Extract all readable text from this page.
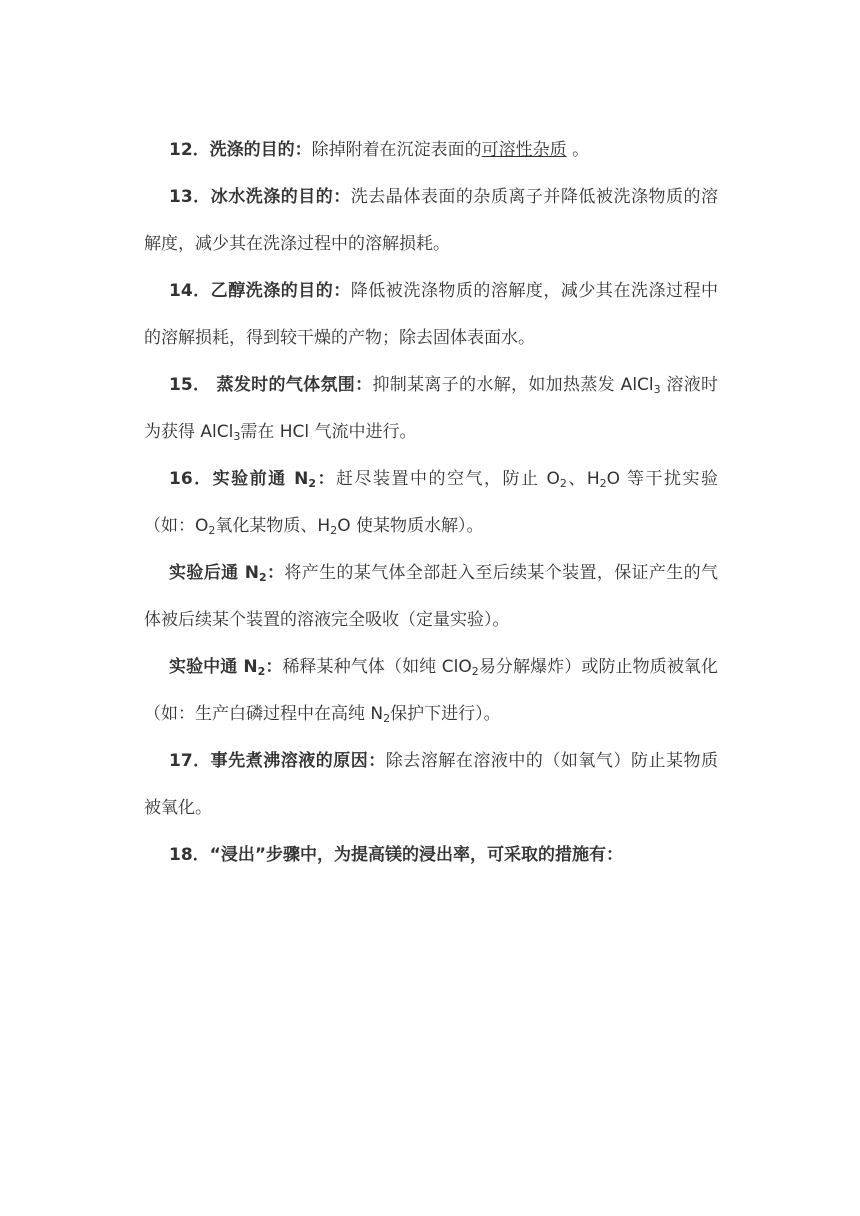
12．洗涤的目的：除掉附着在沉淀表面的可溶性杂质 。

13．冰水洗涤的目的：洗去晶体表面的杂质离子并降低被洗涤物质的溶解度，减少其在洗涤过程中的溶解损耗。

14．乙醇洗涤的目的：降低被洗涤物质的溶解度，减少其在洗涤过程中的溶解损耗，得到较干燥的产物；除去固体表面水。

15． 蒸发时的气体氛围：抑制某离子的水解，如加热蒸发 AlCl$_3$ 溶液时为获得 AlCl$_3$需在 HCl 气流中进行。

16．实验前通 $N_2$：赶尽装置中的空气，防止 $O_2$、$H_2O$ 等干扰实验（如：$O_2$氧化某物质、$H_2O$ 使某物质水解）。

实验后通 $N_2$：将产生的某气体全部赶入至后续某个装置，保证产生的气体被后续某个装置的溶液完全吸收（定量实验）。

实验中通 $N_2$：稀释某种气体（如纯 ClO$_2$易分解爆炸）或防止物质被氧化（如：生产白磷过程中在高纯 $N_2$保护下进行）。

17．事先煮沸溶液的原因：除去溶解在溶液中的（如氧气）防止某物质被氧化。

18．“浸出”步骤中，为提高镁的浸出率，可采取的措施有：
